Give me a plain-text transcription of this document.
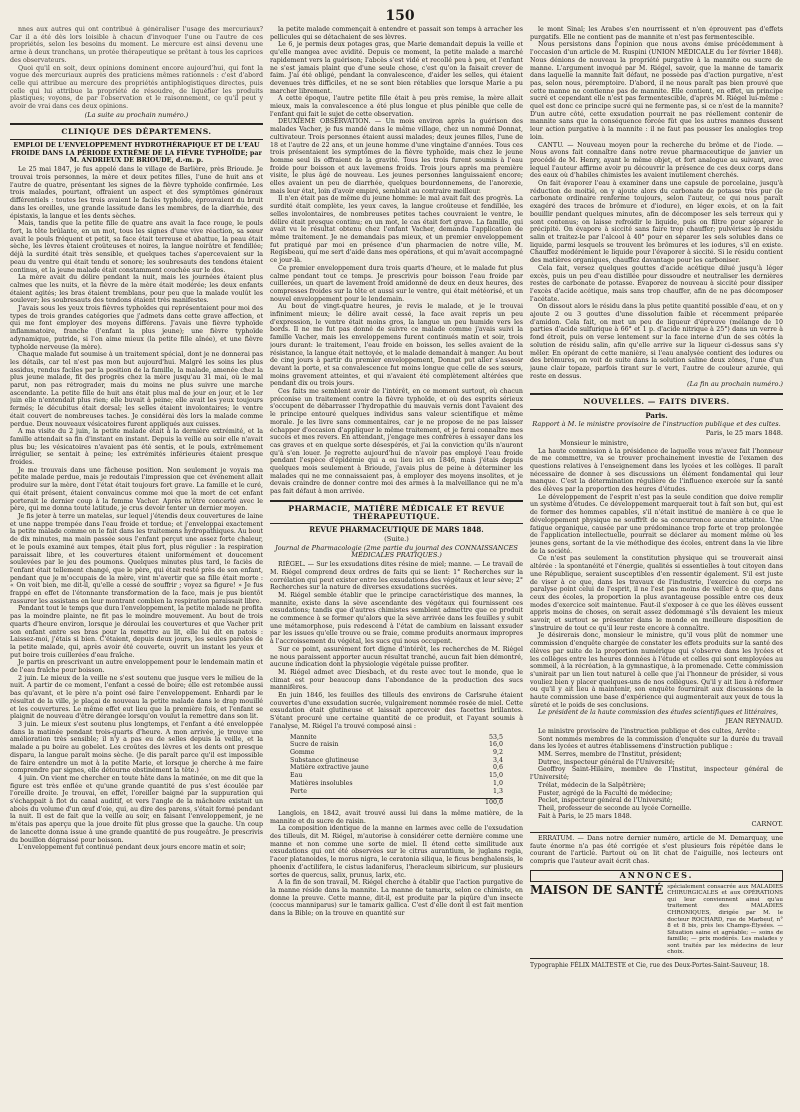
150

nnes aux autres qui ont contribué à généraliser l'usage des mercuriaux? Car il a été dès lors loisible à chacun d'invoquer l'une ou l'autre de ces propriétés, selon les besoins du moment. Le mercure est ainsi devenu une arme à deux tranchans, un protée thérapeutique se prêtant à tous les caprices des observateurs.

Quoi qu'il en soit, deux opinions dominent encore aujourd'hui, qui font la vogue des mercuriaux auprès des praticiens mêmes rationnels : c'est d'abord celle qui attribue au mercure des propriétés antiphlogistiques directes, puis celle qui lui attribue la propriété de résoudre, de liquéfier les produits plastiques; voyons, de par l'observation et le raisonnement, ce qu'il peut y avoir de vrai dans ces deux opinions.

(La suite au prochain numéro.)
CLINIQUE DES DÉPARTEMENS.
EMPLOI DE L'ENVELOPPEMENT HYDROTHÉRAPIQUE ET DE L'EAU FROIDE DANS LA PÉRIODE EXTRÊME DE LA FIÈVRE TYPHOÏDE; par M. ANDRIEUX DE BRIOUDE, d.-m. p.

Le 25 mai 1847, je fus appelé dans le village de Barlière, près Brioude. Je trouvai trois personnes, la mère et deux petites filles, l'une de huit ans et l'autre de quatre, présentant les signes de la fièvre typhoïde confirmée. Les trois malades, pourtant, offraient un aspect et des symptômes généraux différentiels : toutes les trois avaient le faciès typhoïde, éprouvaient du bruit dans les oreilles, une grande lassitude dans les membres, de la diarrhée, des épistaxis, la langue et les dents sèches.

Mais, tandis que la petite fille de quatre ans avait la face rouge, le pouls fort, la tête brûlante, en un mot, tous les signes d'une vive réaction, sa sœur avait le pouls fréquent et petit, sa face était terreuse et abattue, la peau était sèche, les lèvres étaient croûteuses et noires, la langue noirâtre et fendillée; déjà la surdité était très sensible, et quelques taches s'apercevaient sur la peau du ventre qui était tendu et sonore; les soubresauts des tendons étaient continus, et la jeune malade était constamment couchée sur le dos.

La mère avait du délire pendant la nuit, mais les journées étaient plus calmes que les nuits, et la fièvre de la mère était modérée; les deux enfants étaient agités; les bras étaient tremblans, pour peu que la malade voulût les soulever; les soubresauts des tendons étaient très manifestes.

J'avais sous les yeux trois fièvres typhoïdes qui représentaient pour moi des types de trois grandes catégories que j'admets dans cette grave affection, et qui me font employer des moyens différens. J'avais une fièvre typhoïde inflammatoire, franche (l'enfant la plus jeune); une fièvre typhoïde adynamique, putride, si l'on aime mieux (la petite fille aînée), et une fièvre typhoïde nerveuse (la mère).

Chaque malade fut soumise à un traitement spécial, dont je ne donnerai pas les détails, car tel n'est pas mon but aujourd'hui. Malgré les soins les plus assidus, rendus faciles par la position de la famille, la malade, amenée chez la plus jeune malade, fit des progrès chez la mère jusqu'au 31 mai, où le mal parut, non pas rétrograder, mais du moins ne plus suivre une marche ascendante. La petite fille de huit ans était plus mal de jour en jour, et le 1er juin elle n'entendait plus rien; elle buvait à peine; elle avait les yeux toujours fermés; le décubitus était dorsal; les selles étaient involontaires; le ventre était couvert de nombreuses taches. Je considérai dès lors la malade comme perdue. Deux nouveaux vésicatoires furent appliqués aux cuisses.

A ma visite du 2 juin, la petite malade était à la dernière extrémité, et la famille attendait sa fin d'instant en instant. Depuis la veille au soir elle n'avait plus bu; les vésicatoires n'avaient pas été sentis, et le pouls, extrêmement irrégulier, se sentait à peine; les extrémités inférieures étaient presque froides.

Je me trouvais dans une fâcheuse position. Non seulement je voyais ma petite malade perdue, mais je redoutais l'impression que cet événement allait produire sur la mère, dont l'état était toujours fort grave. La famille et le curé, qui était présent, étaient convaincus comme moi que la mort de cet enfant porterait le dernier coup à la femme Vacher. Après m'être concerté avec le père, qui me donna toute latitude, je crus devoir tenter un dernier moyen.

Je fis jeter à terre un matelas, sur lequel j'étendis deux couvertures de laine et une nappe trempée dans l'eau froide et tordue; et j'enveloppai exactement la petite malade comme on le fait dans les traitemens hydropathiques. Au bout de dix minutes, ma main passée sous l'enfant perçut une assez forte chaleur, et le pouls examiné aux tempes, était plus fort, plus régulier : la respiration paraissait libre, et les couvertures étaient uniformément et doucement soulevées par le jeu des poumons. Quelques minutes plus tard, le faciès de l'enfant était tellement changé, que le père, qui était resté près de son enfant, pendant que je m'occupais de la mère, vint m'avertir que sa fille était morte : « On voit bien, me dit-il, qu'elle a cessé de souffrir ; voyez sa figure! » Je fus frappé en effet de l'étonnante transformation de la face, mais je pus bientôt rassurer les assistans en leur montrant combien la respiration paraissait libre.

Pendant tout le temps que dura l'enveloppement, la petite malade ne profita pas la moindre plainte, ne fit pas le moindre mouvement. Au bout de trois quarts d'heure environ, lorsque je déroulai les couvertures et que Vacher prit son enfant entre ses bras pour la remettre au lit, elle lui dit en patois : Laissez-moi, j'étais si bien. C'étaient, depuis deux jours, les seules paroles de la petite malade, qui, après avoir été couverte, ouvrit un instant les yeux et put boire trois cuillerées d'eau fraîche.

Je partis en prescrivant un autre enveloppement pour le lendemain matin et de l'eau fraîche pour boisson.

2 juin. Le mieux de la veille ne s'est soutenu que jusque vers le milieu de la nuit. A partir de ce moment, l'enfant a cessé de boire; elle est retombée aussi bas qu'avant, et le père n'a point osé faire l'enveloppement. Enhardi par le résultat de la ville, je plaçai de nouveau la petite malade dans le drap mouillé et les couvertures. Le même effet eut lieu que la première fois, et l'enfant se plaignit de nouveau d'être dérangée lorsqu'on voulut la remettre dans son lit.

3 juin. Le mieux s'est soutenu plus longtemps, et l'enfant a été enveloppée dans la matinée pendant trois-quarts d'heure. A mon arrivée, je trouve une amélioration très sensible; il n'y a pas eu de selles depuis la veille, et la malade a pu boire au gobelet. Les croûtes des lèvres et les dents ont presque disparu, la langue paraît moins sèche. (Je dis paraît parce qu'il est impossible de faire entendre un mot à la petite Marie, et lorsque je cherche à me faire comprendre par signes, elle détourne obstinément la tête.)

4 juin. On vient me chercher en toute hâte dans la matinée, on me dit que la figure est très enflée et qu'une grande quantité de pus s'est écoulée par l'oreille droite. Je trouvai, en effet, l'oreiller baigné par la suppuration qui s'échappait à flot du canal auditif, et vers l'angle de la mâchoire existait un abcès du volume d'un œuf d'oie, qui, au dire des parens, s'était formé pendant la nuit. Il est de fait que la veille au soir, en faisant l'enveloppement, je ne m'étais pas aperçu que la joue droite fût plus grosse que la gauche. Un coup de lancette donna issue à une grande quantité de pus rougeâtre. Je prescrivis du bouillon dégraissé pour boisson.

L'enveloppement fut continué pendant deux jours encore matin et soir;

la petite malade commençait à entendre et passait son temps à arracher les pellicules qui se détachaient de ses lèvres.

Le 6, je permis deux potages gras, que Marie demandait depuis la veille et qu'elle mangea avec avidité. Depuis ce moment, la petite malade a marché rapidement vers la guérison; l'abcès s'est vidé et recollé peu à peu, et l'enfant ne s'est jamais plaint que d'une seule chose, c'est qu'on la faisait crever de faim. J'ai été obligé, pendant la convalescence, d'aider les selles, qui étaient devenues très difficiles, et ne se sont bien rétablies que lorsque Marie a pu marcher librement.

A cette époque, l'autre petite fille était à peu près remise, la mère allait mieux, mais la convalescence a été plus longue et plus pénible que celle de l'enfant qui fait le sujet de cette observation.

DEUXIÈME OBSERVATION. — Un mois environ après la guérison des malades Vacher, je fus mandé dans le même village, chez un nommé Donnat, cultivateur. Trois personnes étaient aussi malades; deux jeunes filles, l'une de 18 et l'autre de 22 ans, et un jeune homme d'une vingtaine d'années. Tous ces trois présentaient les symptômes de la fièvre typhoïde, mais chez le jeune homme seul ils offraient de la gravité. Tous les trois furent soumis à l'eau froide pour boisson et aux lavemens froids. Trois jours après ma première visite, le plus âgé de nouveau. Les jeunes personnes languissaient encore; elles avaient un peu de diarrhée, quelques bourdonnemens, de l'anorexie, mais leur état, loin d'avoir empiré, semblait au contraire meilleur.

Il n'en était pas de même du jeune homme: le mal avait fait des progrès. La surdité était complète, les yeux caves, la langue croûteuse et fendillée, les selles involontaires, de nombreuses petites taches couvraient le ventre, le délire était presque continu; en un mot, le cas était fort grave. La famille, qui avait vu le résultat obtenu chez l'enfant Vacher, demanda l'application de même traitement. Je ne demandais pas mieux, et un premier enveloppement fut pratiqué par moi en présence d'un pharmacien de notre ville, M. Regisbeau, qui me sert d'aide dans mes opérations, et qui m'avait accompagné ce jour-là.

Ce premier enveloppement dura trois quarts d'heure, et le malade fut plus calme pendant tout ce temps. Je prescrivis pour boisson l'eau froide par cuillerées, un quart de lavement froid amidonné de deux en deux heures, des compresses froides sur la tête et aussi sur le ventre, qui était météorisé, et un nouvel enveloppement pour le lendemain.

Au bout de vingt-quatre heures, je revis le malade, et je le trouvai infiniment mieux; le délire avait cessé, la face avait repris un peu d'expression, le ventre était moins gros, la langue un peu humide vers les bords. Il ne me fut pas donné de suivre ce malade comme j'avais suivi la famille Vacher, mais les enveloppemens furent continués matin et soir, trois jours durant: le traitement, l'eau froide en boisson, les selles avaient de la résistance, la langue était nettoyée, et le malade demandait à manger. Au bout de cinq jours à partir du premier enveloppement, Donnat put aller s'asseoir devant la porte, et sa convalescence fut moins longue que celle de ses sœurs, moins gravement atteintes, et qui n'avaient été complètement altérées que pendant dix ou trois jours.

Ces faits me semblent avoir de l'intérêt, en ce moment surtout, où chacun préconise un traitement contre la fièvre typhoïde, et où des esprits sérieux s'occupent de débarrasser l'hydropathie du mauvais vernis dont l'avaient des le principe entouré quelques individus sans valeur scientifique et même morale. Je les livre sans commentaires, car je ne propose de ne pas laisser échapper d'occasion d'appliquer le même traitement, et je ferai connaître mes succès et mes revers. En attendant, j'engage mes confrères à essayer dans les cas graves et en quelque sorte désespérés, et j'ai la conviction qu'ils n'auront qu'à s'en louer. Je regrette aujourd'hui de n'avoir pas employé l'eau froide pendant l'espèce d'épidémie qui a eu lieu ici en 1846, mais j'étais depuis quelques mois seulement à Brioude, j'avais plus de peine à déterminer les malades qui ne me connaissaient pas, à employer des moyens insolites, et je devais craindre de donner contre moi des armes à la malveillance qui ne m'a pas fait défaut à mon arrivée.

PHARMACIE, MATIÈRE MÉDICALE ET REVUE THÉRAPEUTIQUE.
REVUE PHARMACEUTIQUE DE MARS 1848.
(Suite.)
Journal de Pharmacologie (2me partie du journal des CONNAISSANCES MÉDICALES PRATIQUES.)

RIÉGEL. — Sur les exsudations dites résine de miel; manne. — Le travail de M. Riégel comprend deux ordres de faits qui se lient: 1° Recherches sur la corrélation qui peut exister entre les exsudations des végétaux et leur sève; 2° Recherches sur la nature de diverses exsudations sucrées.

M. Riégel semble établir que le principe caractéristique des mannes, la mannite, existe dans la sève ascendante des végétaux qui fournissent ces exsudations; tandis que d'autres chimistes semblent admettre que ce produit ne commence à se former qu'alors que la sève arrivée dans les feuilles y subit une métamorphose, puis redescend à l'état de cambium en laissant exsuder par les issues qu'elle trouve ou se fraie, comme produits anormaux impropres à l'accroissement du végétal, les sucs qui nous occupent.

Sur ce point, assurément fort digne d'intérêt, les recherches de M. Riégel ne nous paraissent apporter aucun résultat tranché, aucun fait bien démontré, aucune indication dont la physiologie végétale puisse profiter.

M. Riégel admet avec Diesbach, et du reste avec tout le monde, que le climat est pour beaucoup dans l'abondance de la production des sucs mannifères.

En juin 1846, les feuilles des tilleuls des environs de Carlsruhe étaient couvertes d'une exsudation sucrée, vulgairement nommée rosée de miel. Cette exsudation était glutineuse et laissait apercevoir des facettes brillantes. S'étant procuré une certaine quantité de ce produit, et l'ayant soumis à l'analyse, M. Riégel l'a trouvé composé ainsi :

Mannite	53,5
Sucre de raisin	16,0
Gomme	9,2
Substance glutineuse	3,4
Matière extractive jaune	0,6
Eau	15,0
Matières insolubles	1,0
Perte	1,3
100,0

Langlois, en 1842, avait trouvé aussi lui dans la même matière, de la mannite et du sucre de raisin.

La composition identique de la manne en larmes avec celle de l'exsudation des tilleuls, dit M. Riégel, m'autorise à considérer cette dernière comme une manne et non comme une sorte de miel. Il étend cette similitude aux exsudations qui ont été observées sur le citrus aurantium, le juglans regia, l'acer platanoides, le morus nigra, le ceratonia siliqua, le ficus benghalensis, le phoenix d'actilifera, le cistus ladaniferus, l'heracleum sibiricum, sur plusieurs sortes de quercus, salix, prunus, larix, etc.

A la fin de son travail, M. Riégel cherche à établir que l'action purgative de la manne réside dans la mannite. La manne de tamarix, selon ce chimiste, en donne la preuve. Cette manne, dit-il, est produite par la piqûre d'un insecte (coccus manniparus) sur le tamarix gallica. C'est d'elle dont il est fait mention dans la Bible; on la trouve en quantité sur

le mont Sinaï; les Arabes s'en nourrissent et n'en éprouvent pas d'effets purgatifs. Elle ne contient pas de mannite et n'est pas fermentescible.

Nous persistons dans l'opinion que nous avons émise précédemment à l'occasion d'un article de M. Ruspini (UNION MÉDICALE du 1er février 1848). Nous dénions de nouveau la propriété purgative à la mannite ou sucre de manne. L'argument invoqué par M. Riégel, savoir, que la manne de tamarix dans laquelle la mannite fait défaut, ne possède pas d'action purgative, n'est pas, selon nous, péremptoire. D'abord, il ne nous paraît pas bien prouvé que cette manne ne contienne pas de mannite. Elle contient, en effet, un principe sucré et cependant elle n'est pas fermentescible, d'après M. Riégel lui-même : quel est donc ce principe sucré qui ne fermente pas, si ce n'est de la mannite? D'un autre côté, cette exsudation pourrait ne pas réellement contenir de mannite sans que la conséquence forcée fût que les autres mannes dussent leur action purgative à la mannite : il ne faut pas pousser les analogies trop loin.

CANTU. — Nouveau moyen pour la recherche du brôme et de l'iode. — Nous avons fait connaître dans notre revue pharmaceutique de janvier un procédé de M. Henry, ayant le même objet, et fort analogue au suivant, avec lequel l'auteur affirme avoir pu découvrir la présence de ces deux corps dans des eaux où d'habiles chimistes les avaient inutilement cherchés.

On fait évaporer l'eau à examiner dans une capsule de porcelaine, jusqu'à réduction de moitié, on y ajoute alors du carbonate de potasse très pur (le carbonate ordinaire renferme toujours, selon l'auteur, ce qui nous paraît exagéré des traces de brômure et d'iodure), en léger excès, et on la fait bouillir pendant quelques minutes, afin de décomposer les sels terreux qui y sont contenus; on laisse refroidir le liquide, puis on filtre pour séparer le précipité. On évapore à siccité sans faire trop chauffer; pulvérisez le résidu salin et traitez-le par l'alcool à 40° pour en séparer les sels solubles dans ce liquide, parmi lesquels se trouvent les brômures et les iodures, s'il en existe. Chauffez modérément le liquide pour l'évaporer à siccité. Si le résidu contient des matières organiques, chauffez davantage pour les carboniser.

Cela fait, versez quelques gouttes d'acide acétique dilué jusqu'à léger excès, puis un peu d'eau distillée pour dissoudre et neutraliser les dernières restes de carbonate de potasse. Évaporez de nouveau à siccité pour dissiper l'excès d'acide acétique, mais sans trop chauffer, afin de ne pas décomposer l'acétate.

On dissout alors le résidu dans la plus petite quantité possible d'eau, et on y ajoute 2 ou 3 gouttes d'une dissolution faible et récemment préparée d'amidon. Cela fait, on met un peu de liqueur d'épreuve (mélange de 10 parties d'acide sulfurique à 66° et 1 p. d'acide nitrique à 25°) dans un verre à fond étroit, puis on verse lentement sur la face interne d'un de ses côtés la solution de résidu salin, afin qu'elle arrive sur la liqueur ci-dessus sans s'y mêler. En opérant de cette manière, si l'eau analysée contient des iodures ou des brômures, on voit de suite dans la solution saline deux zônes, l'une d'un jaune clair topaze, parfois tirant sur le vert, l'autre de couleur azurée, qui reste en dessus.

(La fin au prochain numéro.)
NOUVELLES. — FAITS DIVERS.
Paris.
Rapport à M. le ministre provisoire de l'instruction publique et des cultes.
Paris, le 25 mars 1848.

Monsieur le ministre,

La haute commission à la présidence de laquelle vous m'avez fait l'honneur de me commettre, va se trouver prochainement investie de l'examen des questions relatives à l'enseignement dans les lycées et les collèges. Il paraît nécessaire de donner à ses discussions un élément fondamental qui leur manque. C'est la détermination régulière de l'influence exercée sur la santé des élèves par la proportion des heures d'études.

Le développement de l'esprit n'est pas la seule condition que doive remplir un système d'études. Ce développement marquerait tout à fait son but, qui est de former des hommes capables, s'il n'était institué de manière à ce que le développement physique ne souffrît de sa concurrence aucune atteinte. Une fatigue organique, causée par une prédominance trop forte et trop prolongée de l'application intellectuelle, pourrait se déclarer au moment même où les jeunes gens, sortant de la vie méthodique des écoles, entrent dans la vie libre de la société.

Ce n'est pas seulement la constitution physique qui se trouverait ainsi altérée : la spontanéité et l'énergie, qualités si essentielles à tout citoyen dans une République, seraient susceptibles d'en ressentir également. S'il est juste de viser à ce que, dans les travaux de l'industrie, l'exercice du corps ne paralyse point celui de l'esprit, il ne l'est pas moins de veiller à ce que, dans ceux des écoles, la proportion la plus avantageuse possible entre ces deux modes d'exercice soit maintenue. Faut-il s'exposer à ce que les élèves eussent appris moins de choses, on serait assez dédommagé s'ils devaient les mieux savoir, et surtout se présenter dans le monde en meilleure disposition de s'instruire de tout ce qu'il leur reste encore à connaître.

Je désirerais donc, monsieur le ministre, qu'il vous plût de nommer une commission d'enquête chargée de constater les effets produits sur la santé des élèves par suite de la proportion numérique qui s'observe dans les lycées et les collèges entre les heures données à l'étude et celles qui sont employées au sommeil, à la récréation, à la gymnastique, à la promenade. Cette commission s'unirait par un lien tout naturel à celle que j'ai l'honneur de présider, si vous vouliez bien y placer quelques-uns de nos collègues. Qu'il y ait lieu à réformer ou qu'il y ait lieu à maintenir, son enquête fournirait aux discussions de la haute commission une base d'expérience qui augmenterait aux yeux de tous la sûreté et le poids de ses conclusions.

Le président de la haute commission des études scientifiques et littéraires,

JEAN REYNAUD.

Le ministre provisoire de l'instruction publique et des cultes, Arrête :

Sont nommés membres de la commission d'enquête sur la durée du travail dans les lycées et autres établissemens d'instruction publique :

MM. Serres, membre de l'Institut, président;

Dutrec, inspecteur général de l'Université;

Geoffroy Saint-Hilaire, membre de l'Institut, inspecteur général de l'Université;

Trélat, médecin de la Salpêtrière;

Fuster, agrégé de la Faculté de médecine;

Peclet, inspecteur général de l'Université;

Theil, professeur de seconde au lycée Corneille.

Fait à Paris, le 25 mars 1848.

CARNOT.

ERRATUM. — Dans notre dernier numéro, article de M. Demarquay, une faute énorme n'a pas été corrigée et s'est plusieurs fois répétée dans le courant de l'article. Partout où on lit chat de l'aiguille, nos lecteurs ont compris que l'auteur avait écrit chas.

ANNONCES.
MAISON DE SANTÉ spécialement consacrée aux MALADIES CHIRURGICALES et aux OPÉRATIONS qui leur conviennent ainsi qu'au traitement des MALADIES CHRONIQUES, dirigée par M. le docteur ROCHARD, rue de Marbeuf, n° 8 et 8 bis, près les Champs-Élysées. — Situation saine et agréable; — soins de famille; — prix modérés. Les malades y sont traités par les médecins de leur choix.
Typographie FÉLIX MALTESTE et Cie, rue des Deux-Portes-Saint-Sauveur, 18.
